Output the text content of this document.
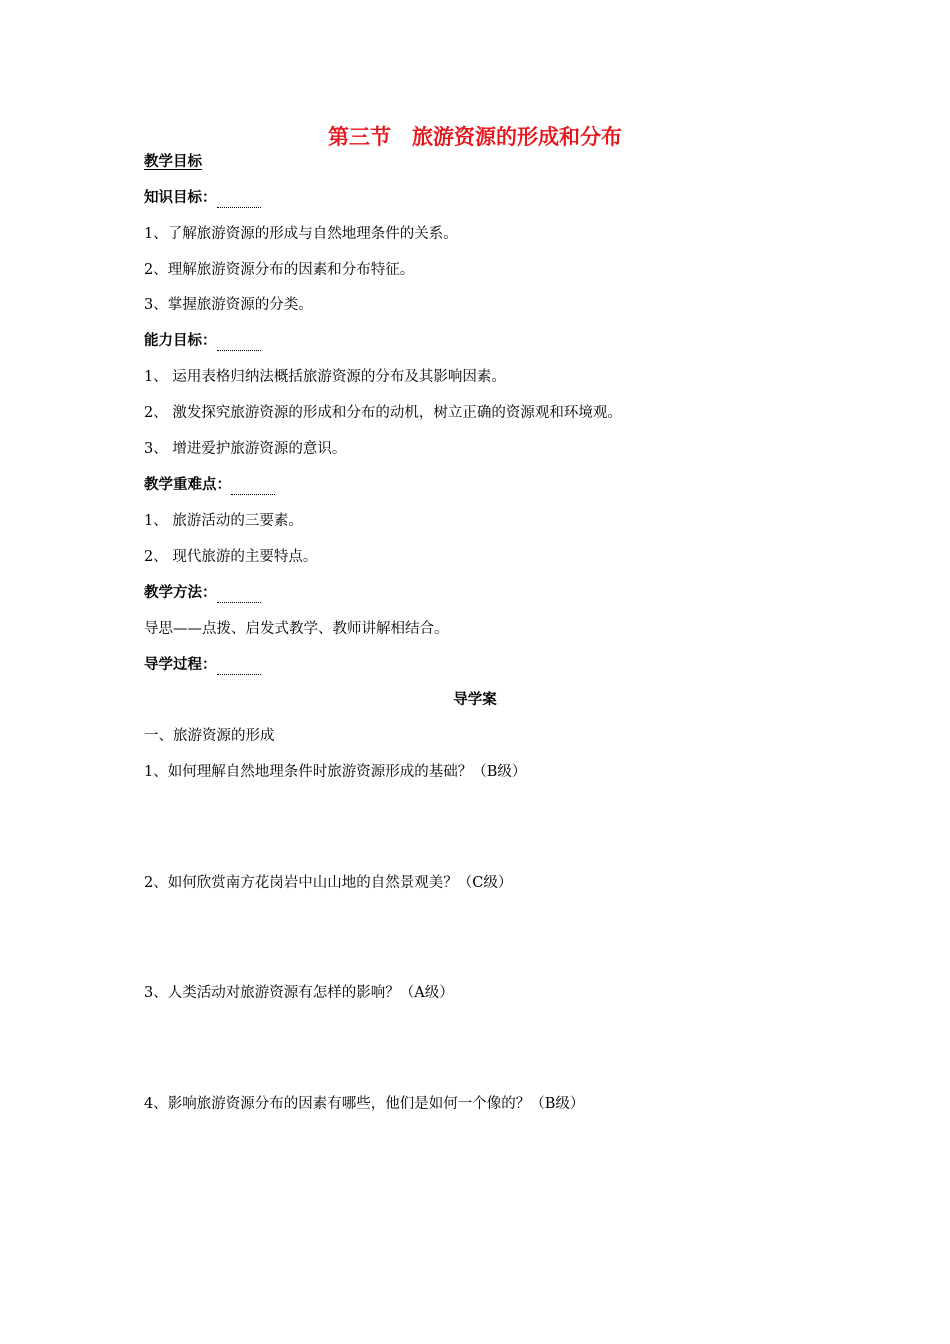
第三节　旅游资源的形成和分布
教学目标
知识目标：
1、了解旅游资源的形成与自然地理条件的关系。
2、理解旅游资源分布的因素和分布特征。
3、掌握旅游资源的分类。
能力目标：
1、 运用表格归纳法概括旅游资源的分布及其影响因素。
2、 激发探究旅游资源的形成和分布的动机，树立正确的资源观和环境观。
3、 增进爱护旅游资源的意识。
教学重难点：
1、 旅游活动的三要素。
2、 现代旅游的主要特点。
教学方法：
导思——点拨、启发式教学、教师讲解相结合。
导学过程：
导学案
一、旅游资源的形成
1、如何理解自然地理条件时旅游资源形成的基础？（B级）
2、如何欣赏南方花岗岩中山山地的自然景观美？（C级）
3、人类活动对旅游资源有怎样的影响？（A级）
4、影响旅游资源分布的因素有哪些，他们是如何一个像的？（B级）
